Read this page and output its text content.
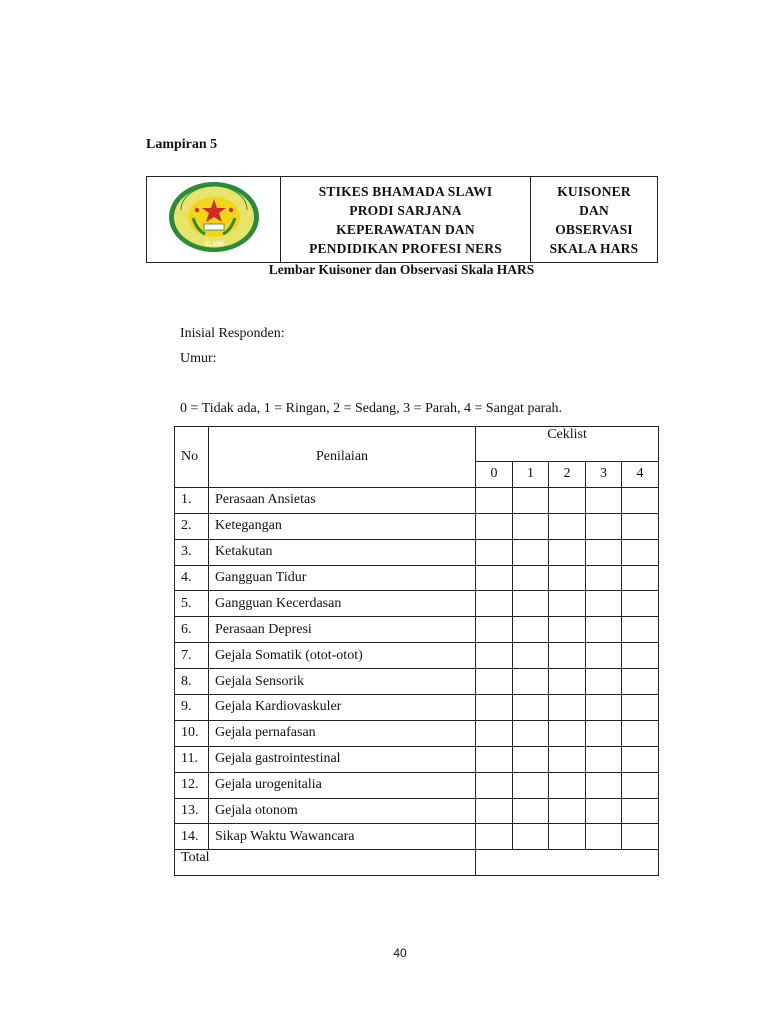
Lampiran 5
SLAWI

STIKES BHAMADA SLAWI
PRODI SARJANA
KEPERAWATAN DAN
PENDIDIKAN PROFESI NERS

KUISONER
DAN
OBSERVASI
SKALA HARS
Lembar Kuisoner dan Observasi Skala HARS
Inisial Responden:
Umur:
0 = Tidak ada, 1 = Ringan, 2 = Sedang, 3 = Parah, 4 = Sangat parah.
No	Penilaian	Ceklist				
		0	1	2	3	4
1.	Perasaan Ansietas					
2.	Ketegangan					
3.	Ketakutan					
4.	Gangguan Tidur					
5.	Gangguan Kecerdasan					
6.	Perasaan Depresi					
7.	Gejala Somatik (otot-otot)					
8.	Gejala Sensorik					
9.	Gejala Kardiovaskuler					
10.	Gejala pernafasan					
11.	Gejala gastrointestinal					
12.	Gejala urogenitalia					
13.	Gejala otonom					
14.	Sikap Waktu Wawancara					
Total						
40
